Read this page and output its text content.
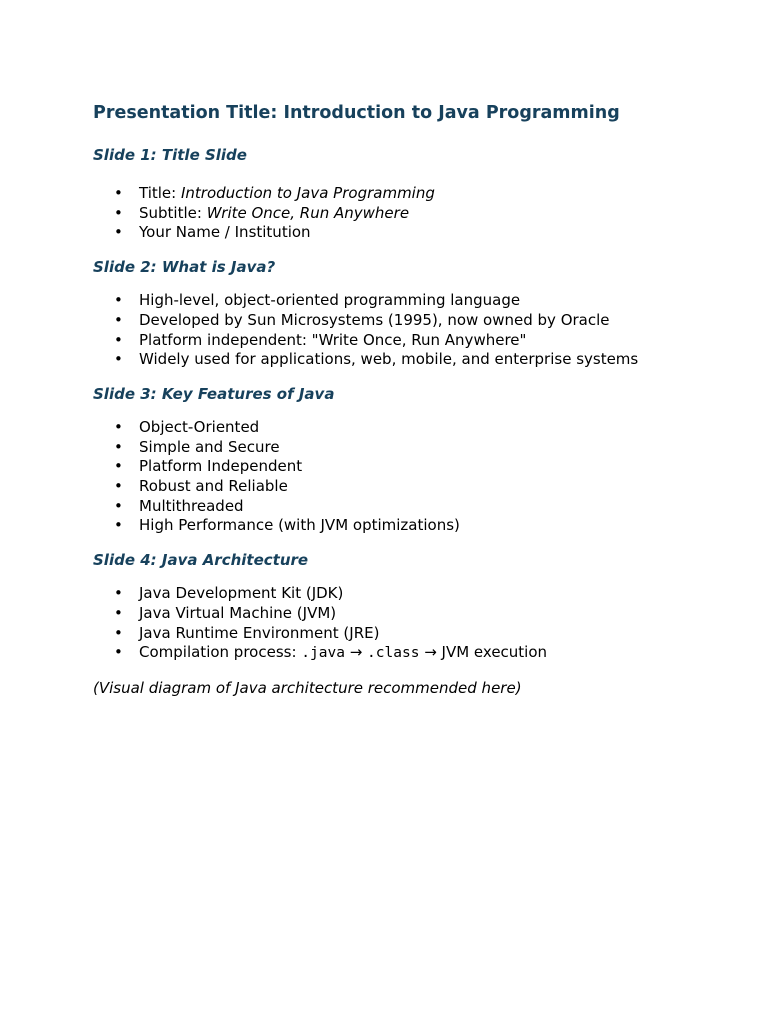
Presentation Title: Introduction to Java Programming
Slide 1: Title Slide
• Title: Introduction to Java Programming
• Subtitle: Write Once, Run Anywhere
• Your Name / Institution
Slide 2: What is Java?
• High-level, object-oriented programming language
• Developed by Sun Microsystems (1995), now owned by Oracle
• Platform independent: "Write Once, Run Anywhere"
• Widely used for applications, web, mobile, and enterprise systems
Slide 3: Key Features of Java
• Object-Oriented
• Simple and Secure
• Platform Independent
• Robust and Reliable
• Multithreaded
• High Performance (with JVM optimizations)
Slide 4: Java Architecture
• Java Development Kit (JDK)
• Java Virtual Machine (JVM)
• Java Runtime Environment (JRE)
• Compilation process: .java → .class → JVM execution

(Visual diagram of Java architecture recommended here)
